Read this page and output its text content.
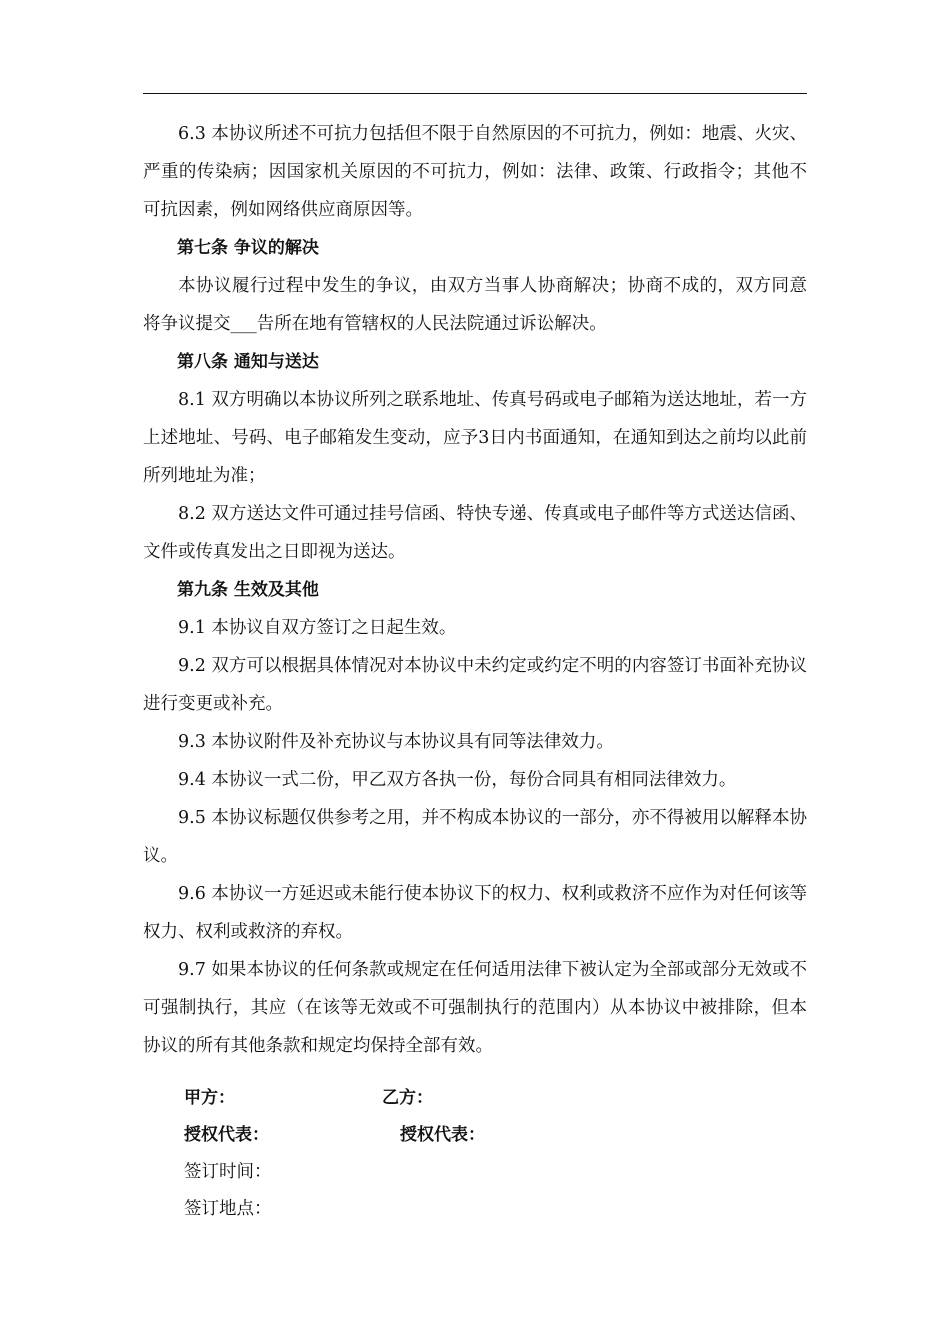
6.3 本协议所述不可抗力包括但不限于自然原因的不可抗力，例如：地震、火灾、严重的传染病；因国家机关原因的不可抗力，例如：法律、政策、行政指令；其他不可抗因素，例如网络供应商原因等。

第七条 争议的解决

本协议履行过程中发生的争议，由双方当事人协商解决；协商不成的，双方同意将争议提交___告所在地有管辖权的人民法院通过诉讼解决。

第八条 通知与送达

8.1 双方明确以本协议所列之联系地址、传真号码或电子邮箱为送达地址，若一方上述地址、号码、电子邮箱发生变动，应予3日内书面通知，在通知到达之前均以此前所列地址为准；

8.2 双方送达文件可通过挂号信函、特快专递、传真或电子邮件等方式送达信函、文件或传真发出之日即视为送达。

第九条 生效及其他

9.1 本协议自双方签订之日起生效。

9.2 双方可以根据具体情况对本协议中未约定或约定不明的内容签订书面补充协议进行变更或补充。

9.3 本协议附件及补充协议与本协议具有同等法律效力。

9.4 本协议一式二份，甲乙双方各执一份，每份合同具有相同法律效力。

9.5 本协议标题仅供参考之用，并不构成本协议的一部分，亦不得被用以解释本协议。

9.6 本协议一方延迟或未能行使本协议下的权力、权利或救济不应作为对任何该等权力、权利或救济的弃权。

9.7 如果本协议的任何条款或规定在任何适用法律下被认定为全部或部分无效或不可强制执行，其应（在该等无效或不可强制执行的范围内）从本协议中被排除，但本协议的所有其他条款和规定均保持全部有效。

甲方：	乙方：
授权代表：	授权代表：
签订时间：
签订地点：
